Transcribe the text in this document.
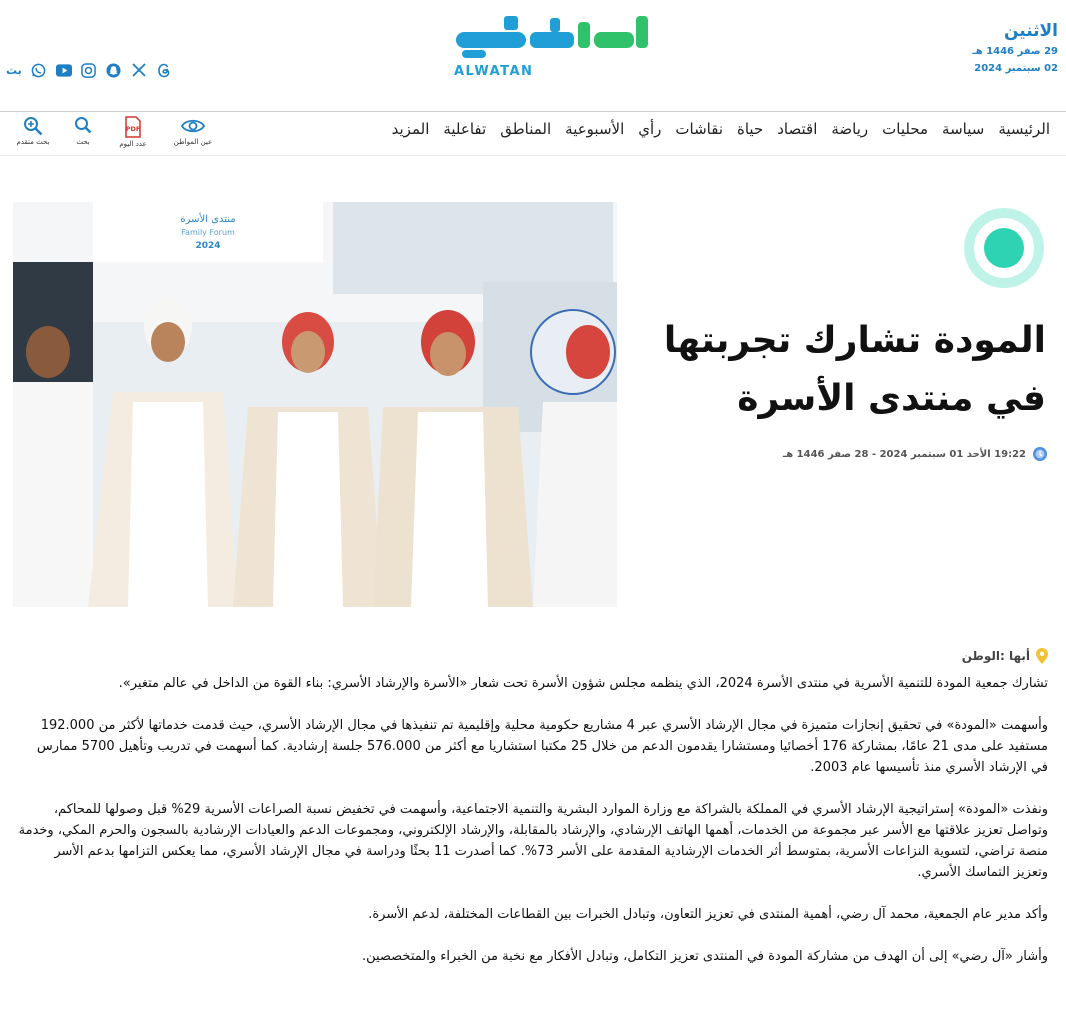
الاثنين
29 صفر 1446 هـ
02 سبتمبر 2024
ALWATAN
بث
الرئيسية
سياسة
محليات
رياضة
اقتصاد
حياة
نقاشات
رأي
الأسبوعية
المناطق
تفاعلية
المزيد
بحث متقدم	بحث
PDF
عدد اليوم	عين المواطن
منتدى الأسرة
Family Forum
2024
المودة تشارك تجربتها في منتدى الأسرة
19:22 الأحد 01 سبتمبر 2024 - 28 صفر 1446 هـ
أبها :الوطن

تشارك جمعية المودة للتنمية الأسرية في منتدى الأسرة 2024، الذي ينظمه مجلس شؤون الأسرة تحت شعار «الأسرة والإرشاد الأسري: بناء القوة من الداخل في عالم متغير».

وأسهمت «المودة» في تحقيق إنجازات متميزة في مجال الإرشاد الأسري عبر 4 مشاريع حكومية محلية وإقليمية تم تنفيذها في مجال الإرشاد الأسري، حيث قدمت خدماتها لأكثر من 192.000 مستفيد على مدى 21 عامًا، بمشاركة 176 أخصائيا ومستشارا يقدمون الدعم من خلال 25 مكتبا استشاريا مع أكثر من 576.000 جلسة إرشادية. كما أسهمت في تدريب وتأهيل 5700 ممارس في الإرشاد الأسري منذ تأسيسها عام 2003.

ونفذت «المودة» إستراتيجية الإرشاد الأسري في المملكة بالشراكة مع وزارة الموارد البشرية والتنمية الاجتماعية، وأسهمت في تخفيض نسبة الصراعات الأسرية 29% قبل وصولها للمحاكم، وتواصل تعزيز علاقتها مع الأسر عبر مجموعة من الخدمات، أهمها الهاتف الإرشادي، والإرشاد بالمقابلة، والإرشاد الإلكتروني، ومجموعات الدعم والعيادات الإرشادية بالسجون والحرم المكي، وخدمة منصة تراضي، لتسوية النزاعات الأسرية، بمتوسط أثر الخدمات الإرشادية المقدمة على الأسر 73%. كما أصدرت 11 بحثًا ودراسة في مجال الإرشاد الأسري، مما يعكس التزامها بدعم الأسر وتعزيز التماسك الأسري.

وأكد مدير عام الجمعية، محمد آل رضي، أهمية المنتدى في تعزيز التعاون، وتبادل الخبرات بين القطاعات المختلفة، لدعم الأسرة.

وأشار «آل رضي» إلى أن الهدف من مشاركة المودة في المنتدى تعزيز التكامل، وتبادل الأفكار مع نخبة من الخبراء والمتخصصين.
